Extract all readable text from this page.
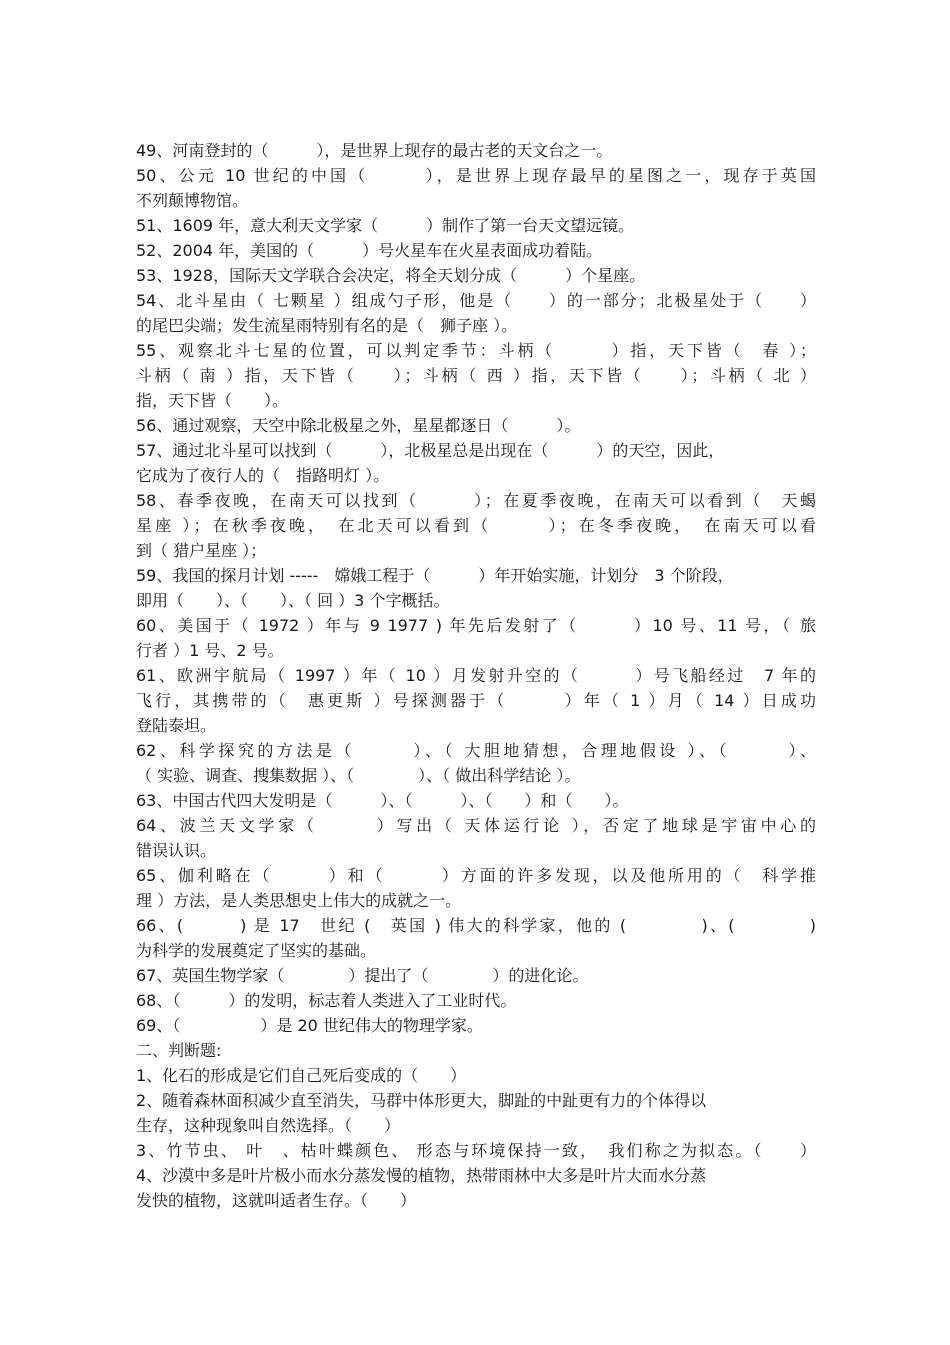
49、河南登封的（　　　），是世界上现存的最古老的天文台之一。
50、公元 10 世纪的中国（　　　），是世界上现存最早的星图之一，现存于英国
不列颠博物馆。
51、1609 年，意大利天文学家（　　　）制作了第一台天文望远镜。
52、2004 年，美国的（　　　）号火星车在火星表面成功着陆。
53、1928，国际天文学联合会决定，将全天划分成（　　　）个星座。
54、北斗星由（ 七颗星 ）组成勺子形，他是（　　）的一部分；北极星处于（　　）
的尾巴尖端；发生流星雨特别有名的是（　狮子座 ）。
55、观察北斗七星的位置，可以判定季节：斗柄（　　　）指，天下皆（　春 ）；
斗柄（ 南 ）指，天下皆（　　）；斗柄（ 西 ）指，天下皆（　　）；斗柄（ 北 ）
指，天下皆（　　）。
56、通过观察，天空中除北极星之外，星星都逐日（　　　）。
57、通过北斗星可以找到（　　　），北极星总是出现在（　　　）的天空，因此，
它成为了夜行人的（　指路明灯 ）。
58、春季夜晚，在南天可以找到（　　　）；在夏季夜晚，在南天可以看到（　天蝎
星座 ）；在秋季夜晚，　在北天可以看到（　　　）；在冬季夜晚，　在南天可以看
到（ 猎户星座 ）；
59、我国的探月计划 -----　嫦娥工程于（　　　）年开始实施，计划分　3 个阶段，
即用（　　）、（　　）、（ 回 ）3 个字概括。
60、美国于（ 1972 ）年与 9 1977 ) 年先后发射了（　　　）10 号、11 号，（ 旅
行者 ）1 号、2 号。
61、欧洲宇航局（ 1997 ）年（ 10 ）月发射升空的（　　　）号飞船经过　7 年的
飞行，其携带的（　惠更斯 ）号探测器于（　　　）年（ 1 ）月（ 14 ）日成功
登陆泰坦。
62、科学探究的方法是（　　　）、（ 大胆地猜想，合理地假设 ）、（　　　）、
（ 实验、调查、搜集数据 ）、（　　　　）、（ 做出科学结论 ）。
63、中国古代四大发明是（　　　）、（　　　）、（　　）和（　　）。
64、波兰天文学家（　　　）写出（ 天体运行论 ），否定了地球是宇宙中心的
错误认识。
65、伽利略在（　　　）和（　　　）方面的许多发现，以及他所用的（　科学推
理 ）方法，是人类思想史上伟大的成就之一。
66、(　　　) 是 17　世纪 (　英国 ) 伟大的科学家，他的 (　　　　)、(　　　　)
为科学的发展奠定了坚实的基础。
67、英国生物学家（　　　　）提出了（　　　　）的进化论。
68、（　　　）的发明，标志着人类进入了工业时代。
69、（　　　　　）是 20 世纪伟大的物理学家。
二、判断题:
1、化石的形成是它们自己死后变成的（　　）
2、随着森林面积减少直至消失，马群中体形更大，脚趾的中趾更有力的个体得以
生存，这种现象叫自然选择。（　　）
3、竹节虫、 叶　、枯叶蝶颜色、 形态与环境保持一致，　我们称之为拟态。（　　）
4、沙漠中多是叶片极小而水分蒸发慢的植物，热带雨林中大多是叶片大而水分蒸
发快的植物，这就叫适者生存。（　　）
